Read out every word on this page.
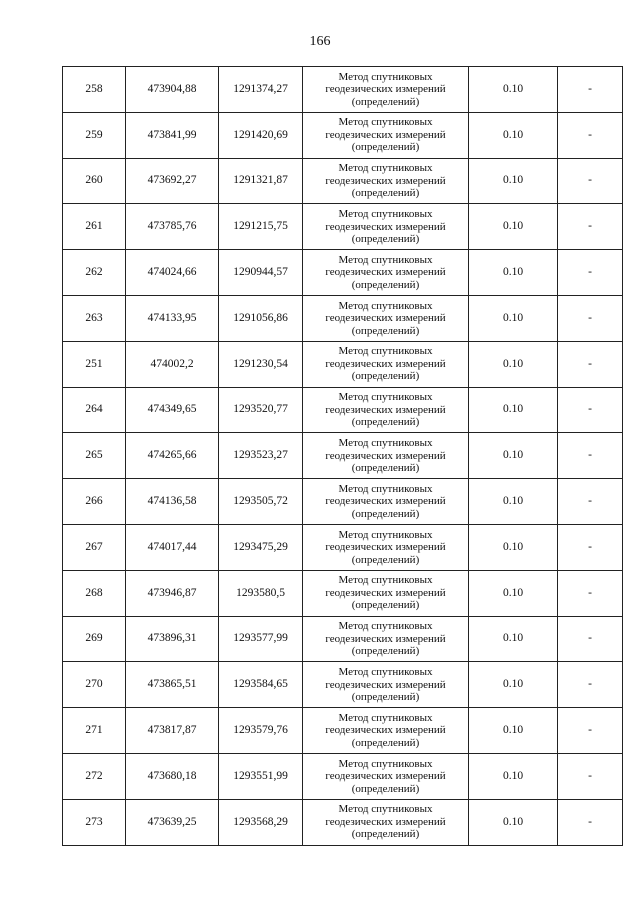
166
258	473904,88	1291374,27	Метод спутниковых
геодезических измерений
(определений)	0.10	-
259	473841,99	1291420,69	Метод спутниковых
геодезических измерений
(определений)	0.10	-
260	473692,27	1291321,87	Метод спутниковых
геодезических измерений
(определений)	0.10	-
261	473785,76	1291215,75	Метод спутниковых
геодезических измерений
(определений)	0.10	-
262	474024,66	1290944,57	Метод спутниковых
геодезических измерений
(определений)	0.10	-
263	474133,95	1291056,86	Метод спутниковых
геодезических измерений
(определений)	0.10	-
251	474002,2	1291230,54	Метод спутниковых
геодезических измерений
(определений)	0.10	-
264	474349,65	1293520,77	Метод спутниковых
геодезических измерений
(определений)	0.10	-
265	474265,66	1293523,27	Метод спутниковых
геодезических измерений
(определений)	0.10	-
266	474136,58	1293505,72	Метод спутниковых
геодезических измерений
(определений)	0.10	-
267	474017,44	1293475,29	Метод спутниковых
геодезических измерений
(определений)	0.10	-
268	473946,87	1293580,5	Метод спутниковых
геодезических измерений
(определений)	0.10	-
269	473896,31	1293577,99	Метод спутниковых
геодезических измерений
(определений)	0.10	-
270	473865,51	1293584,65	Метод спутниковых
геодезических измерений
(определений)	0.10	-
271	473817,87	1293579,76	Метод спутниковых
геодезических измерений
(определений)	0.10	-
272	473680,18	1293551,99	Метод спутниковых
геодезических измерений
(определений)	0.10	-
273	473639,25	1293568,29	Метод спутниковых
геодезических измерений
(определений)	0.10	-
